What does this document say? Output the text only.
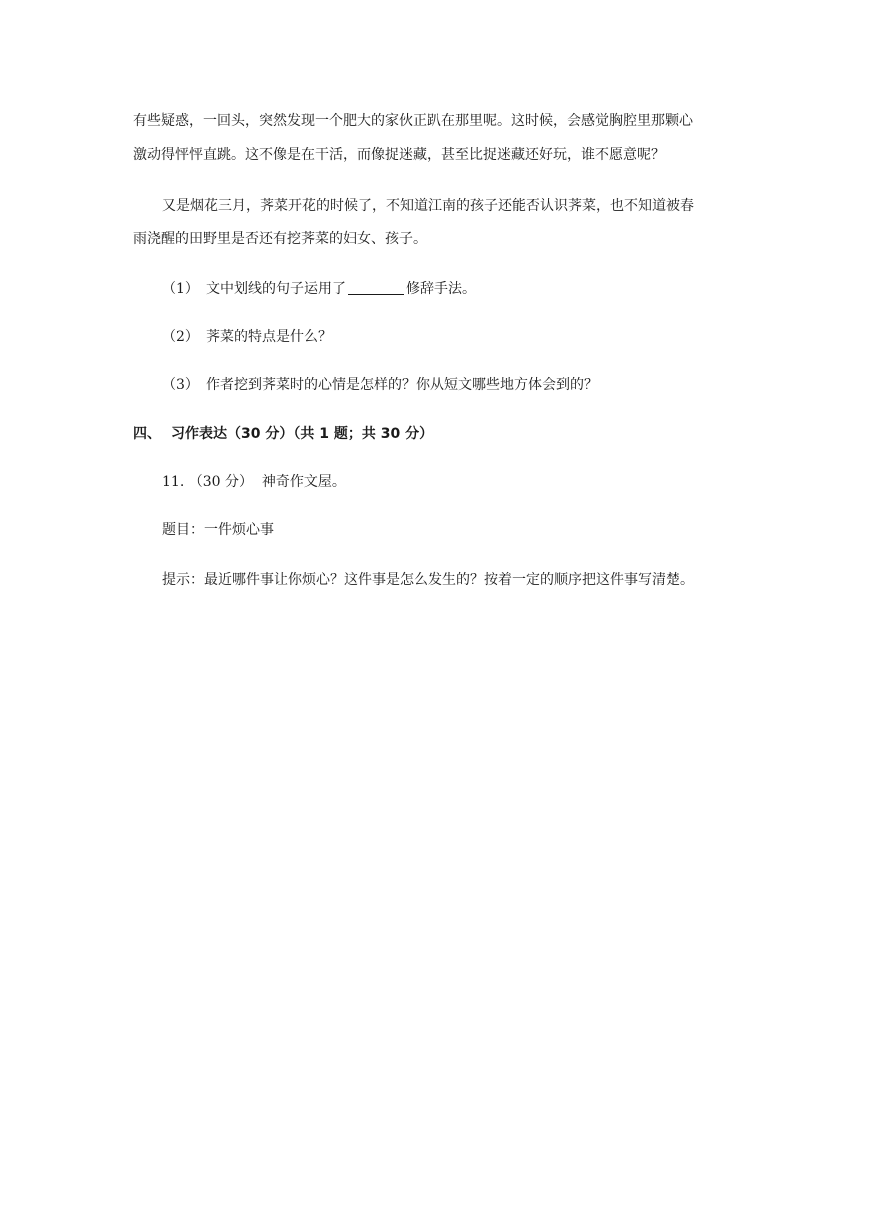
有些疑惑，一回头，突然发现一个肥大的家伙正趴在那里呢。这时候，会感觉胸腔里那颗心
激动得怦怦直跳。这不像是在干活，而像捉迷藏，甚至比捉迷藏还好玩，谁不愿意呢？
又是烟花三月，荠菜开花的时候了，不知道江南的孩子还能否认识荠菜，也不知道被春
雨浇醒的田野里是否还有挖荠菜的妇女、孩子。
（1） 文中划线的句子运用了	修辞手法。
（2） 荠菜的特点是什么？
（3） 作者挖到荠菜时的心情是怎样的？你从短文哪些地方体会到的？
四、 习作表达（30 分）（共 1 题；共 30 分）
11. （30 分） 神奇作文屋。
题目：一件烦心事
提示：最近哪件事让你烦心？这件事是怎么发生的？按着一定的顺序把这件事写清楚。
